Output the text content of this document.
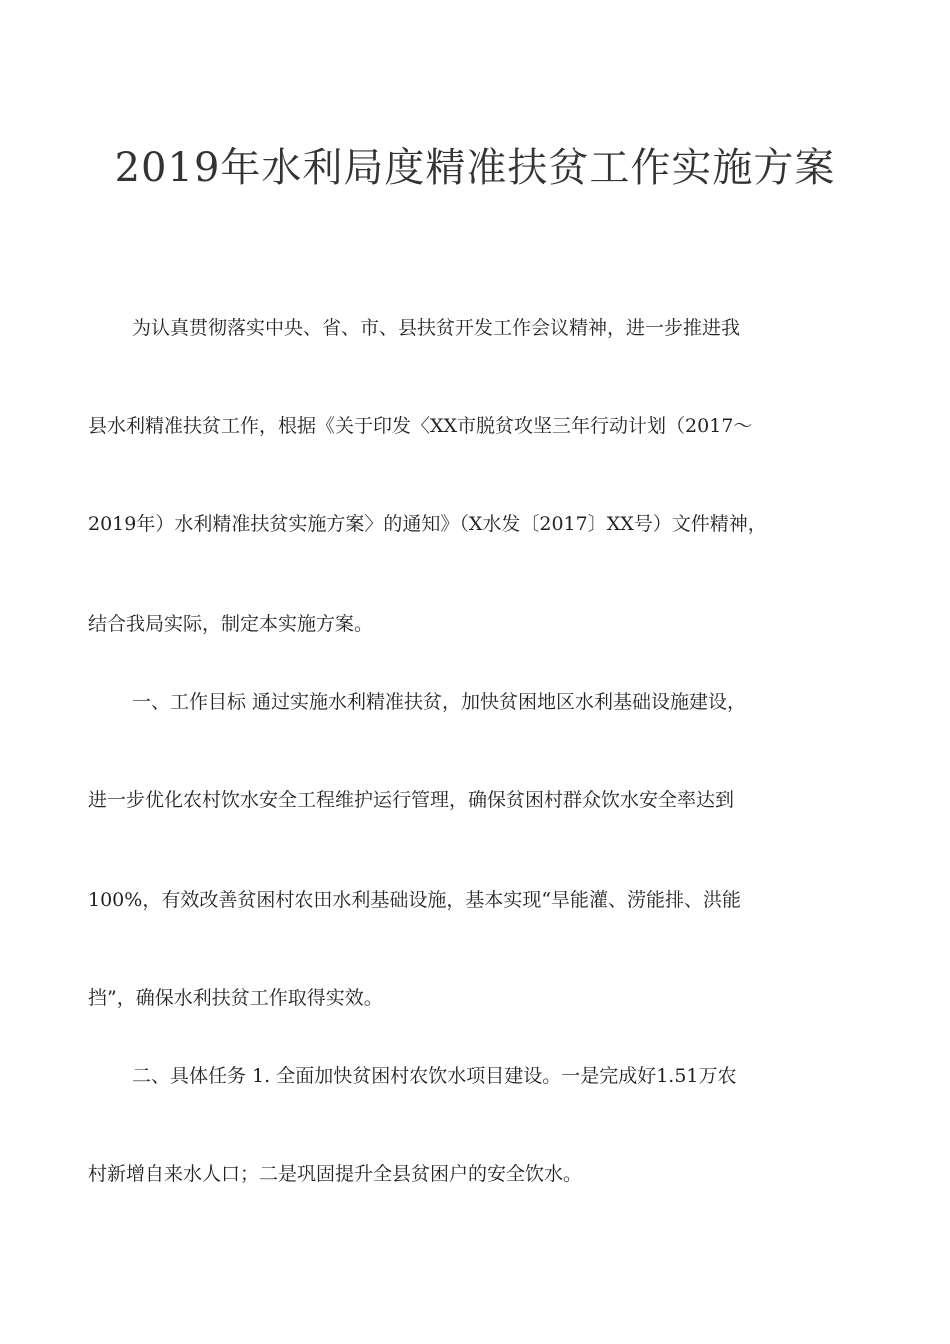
2019年水利局度精准扶贫工作实施方案
为认真贯彻落实中央、省、市、县扶贫开发工作会议精神，进一步推进我
县水利精准扶贫工作，根据《关于印发〈XX市脱贫攻坚三年行动计划（2017～
2019年）水利精准扶贫实施方案〉的通知》（X水发〔2017〕XX号）文件精神，
结合我局实际，制定本实施方案。
一、工作目标 通过实施水利精准扶贫，加快贫困地区水利基础设施建设，
进一步优化农村饮水安全工程维护运行管理，确保贫困村群众饮水安全率达到
100%，有效改善贫困村农田水利基础设施，基本实现“旱能灌、涝能排、洪能
挡”，确保水利扶贫工作取得实效。
二、具体任务 1. 全面加快贫困村农饮水项目建设。一是完成好1.51万农
村新增自来水人口；二是巩固提升全县贫困户的安全饮水。
